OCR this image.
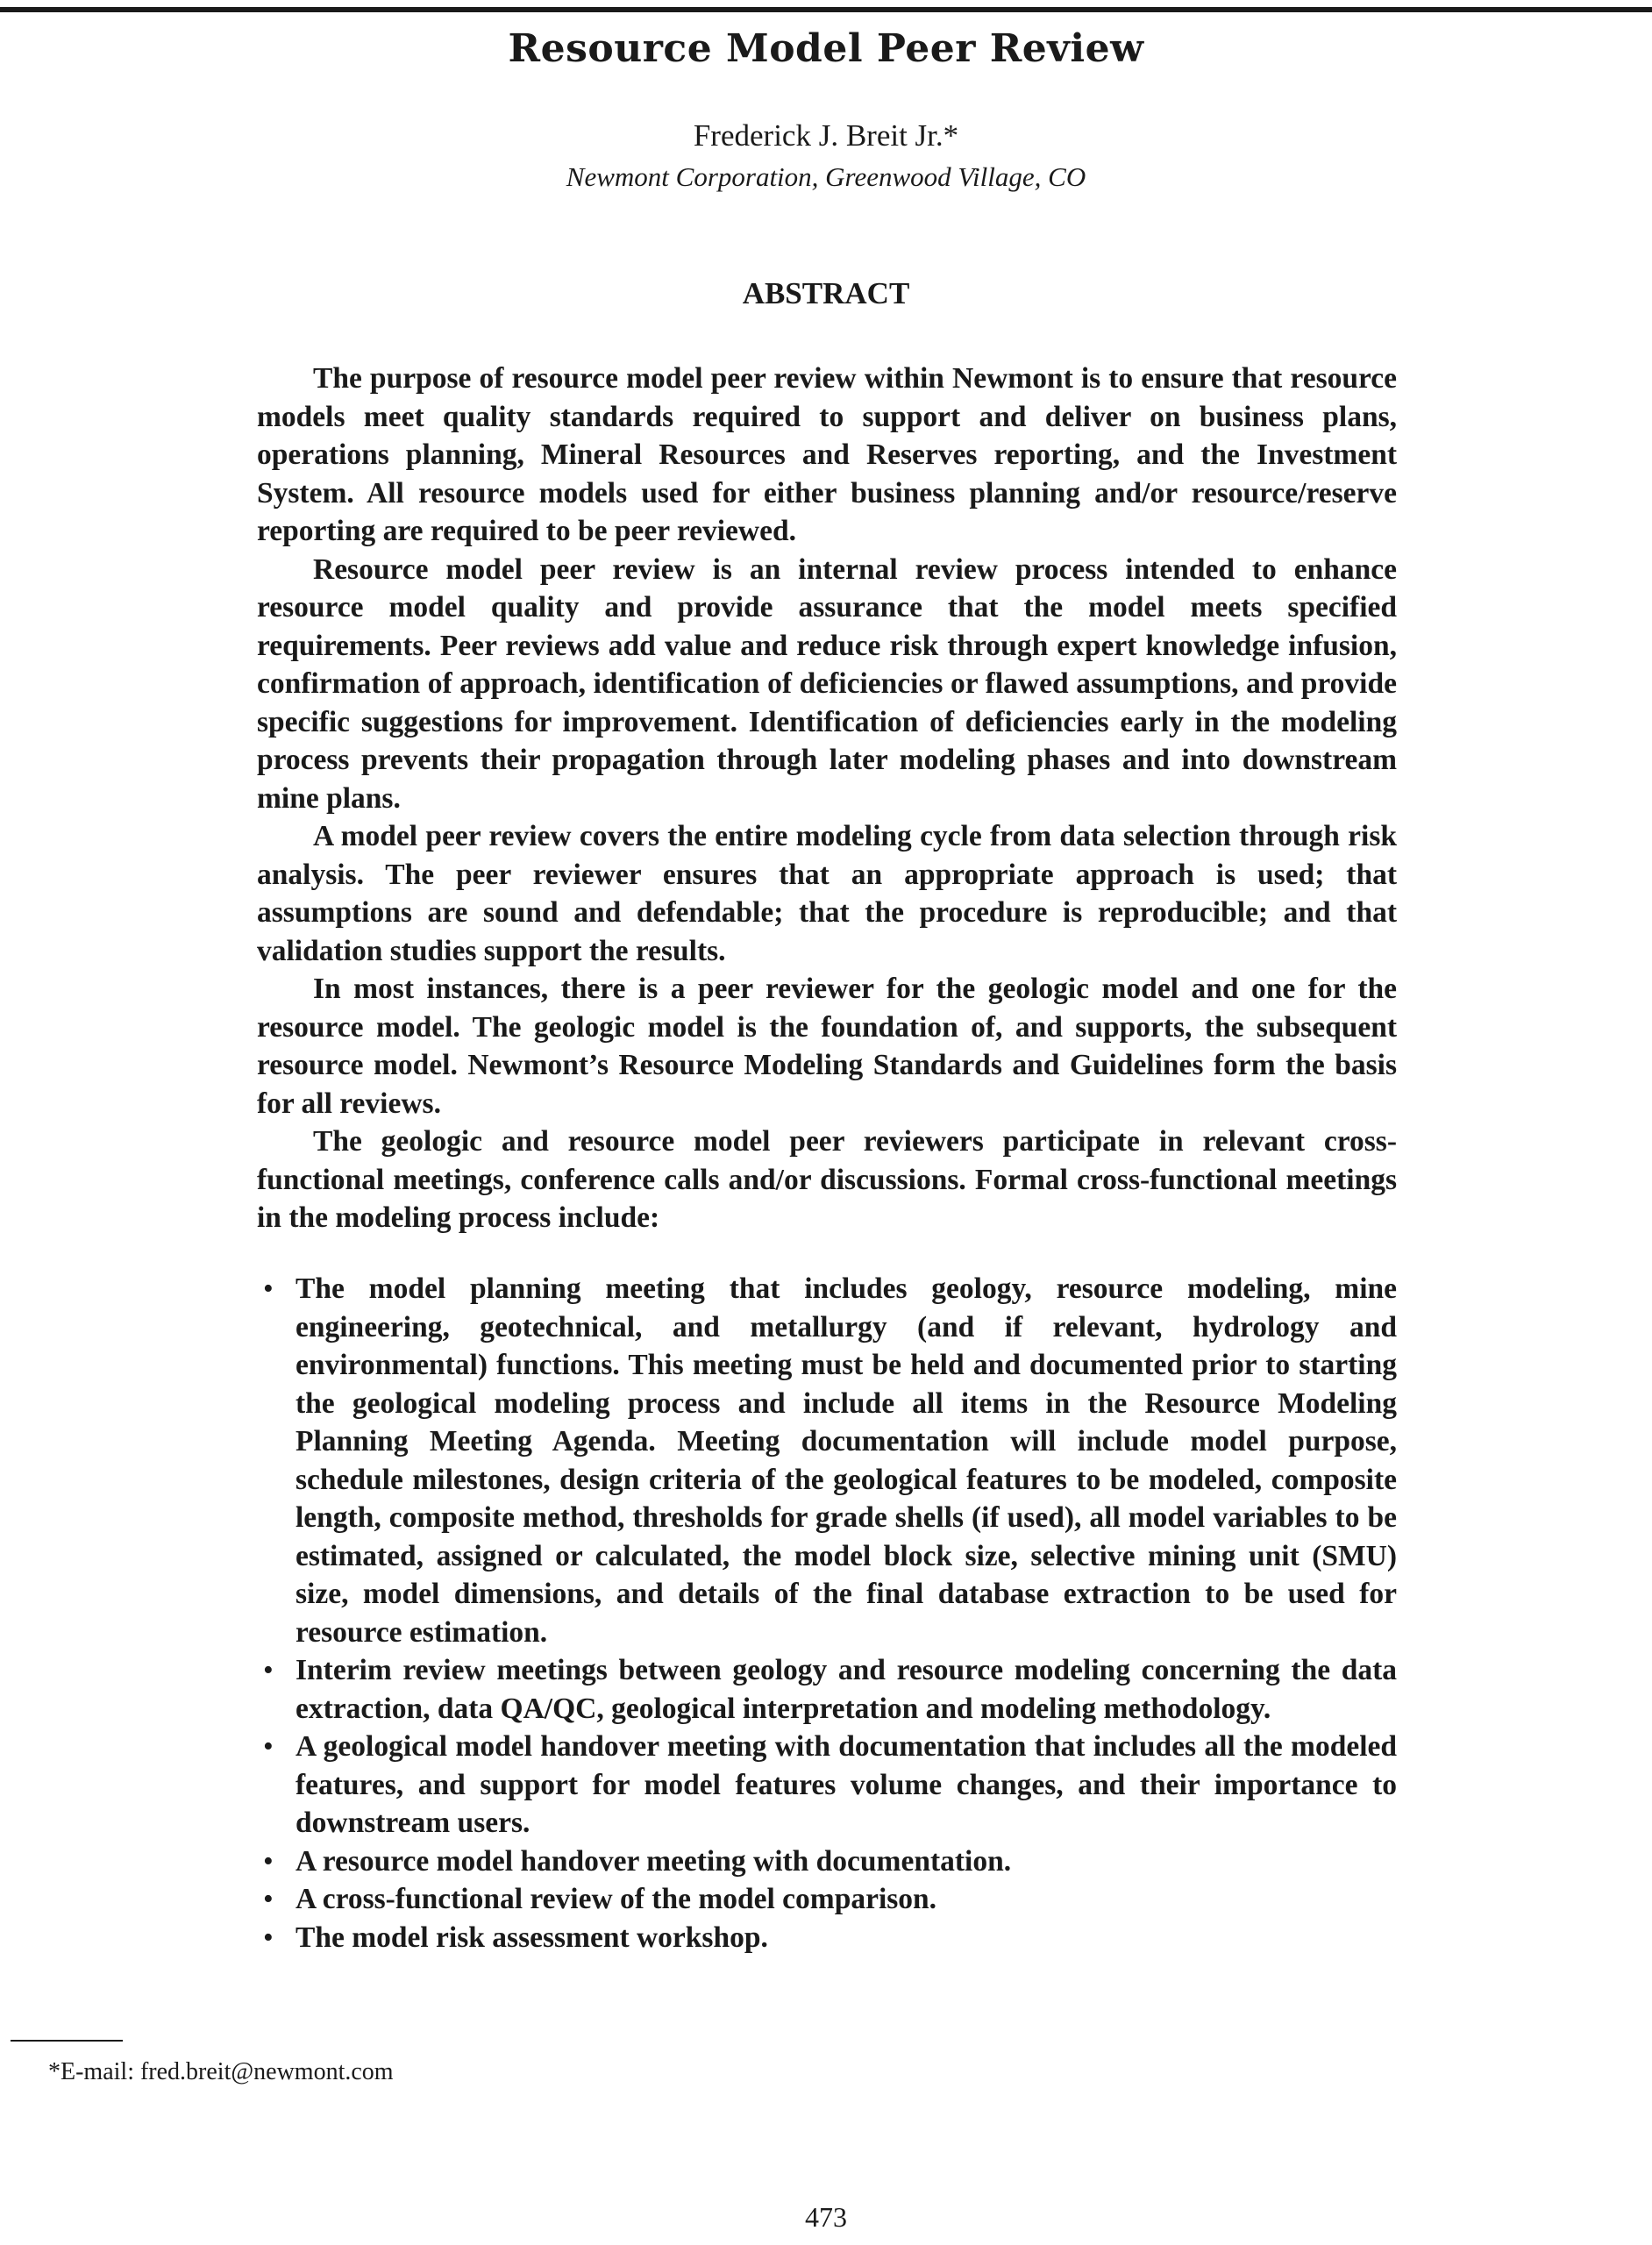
Resource Model Peer Review

Frederick J. Breit Jr.*

Newmont Corporation, Greenwood Village, CO

ABSTRACT

The purpose of resource model peer review within Newmont is to ensure that resource models meet quality standards required to support and deliver on business plans, operations planning, Mineral Resources and Reserves reporting, and the Investment System. All resource models used for either business planning and/or resource/reserve reporting are required to be peer reviewed.

Resource model peer review is an internal review process intended to enhance resource model quality and provide assurance that the model meets specified requirements. Peer reviews add value and reduce risk through expert knowledge infusion, confirmation of approach, identification of deficiencies or flawed assumptions, and provide specific suggestions for improvement. Identification of deficiencies early in the modeling process prevents their propagation through later modeling phases and into downstream mine plans.

A model peer review covers the entire modeling cycle from data selection through risk analysis. The peer reviewer ensures that an appropriate approach is used; that assumptions are sound and defendable; that the procedure is reproducible; and that validation studies support the results.

In most instances, there is a peer reviewer for the geologic model and one for the resource model. The geologic model is the foundation of, and supports, the subsequent resource model. Newmont’s Resource Modeling Standards and Guidelines form the basis for all reviews.

The geologic and resource model peer reviewers participate in relevant cross-functional meetings, conference calls and/or discussions. Formal cross-functional meetings in the modeling process include:

• The model planning meeting that includes geology, resource modeling, mine engineering, geotechnical, and metallurgy (and if relevant, hydrology and environmental) functions. This meeting must be held and documented prior to starting the geological modeling process and include all items in the Resource Modeling Planning Meeting Agenda. Meeting documentation will include model purpose, schedule milestones, design criteria of the geological features to be modeled, composite length, composite method, thresholds for grade shells (if used), all model variables to be estimated, assigned or calculated, the model block size, selective mining unit (SMU) size, model dimensions, and details of the final database extraction to be used for resource estimation.
• Interim review meetings between geology and resource modeling concerning the data extraction, data QA/QC, geological interpretation and modeling methodology.
• A geological model handover meeting with documentation that includes all the modeled features, and support for model features volume changes, and their importance to downstream users.
• A resource model handover meeting with documentation.
• A cross-functional review of the model comparison.
• The model risk assessment workshop.

*E-mail: fred.breit@newmont.com

473
